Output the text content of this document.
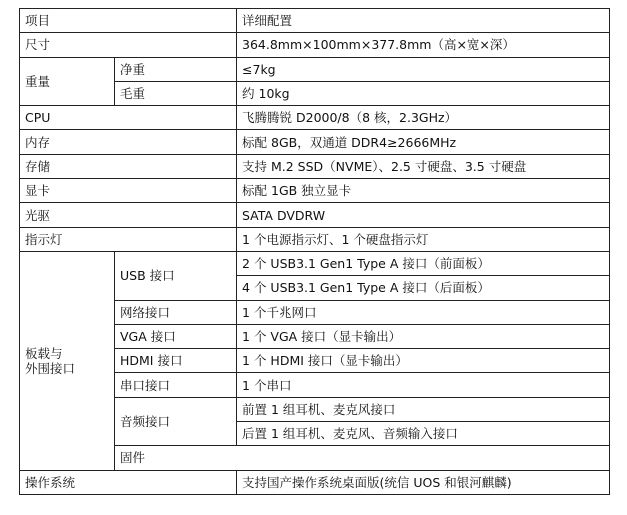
项目		详细配置	
尺寸		364.8mm×100mm×377.8mm（高×宽×深）	
重量	净重	≤7kg	
	毛重	约 10kg	
CPU		飞腾腾锐 D2000/8（8 核，2.3GHz）	
内存		标配 8GB，双通道 DDR4≥2666MHz	
存储		支持 M.2 SSD（NVME）、2.5 寸硬盘、3.5 寸硬盘	
显卡		标配 1GB 独立显卡	
光驱		SATA DVDRW	
指示灯		1 个电源指示灯、1 个硬盘指示灯	
板载与
外围接口	USB 接口	2 个 USB3.1 Gen1 Type A 接口（前面板）	
		4 个 USB3.1 Gen1 Type A 接口（后面板）	
	网络接口	1 个千兆网口	
	VGA 接口	1 个 VGA 接口（显卡输出）	
	HDMI 接口	1 个 HDMI 接口（显卡输出）	
	串口接口	1 个串口	
	音频接口	前置 1 组耳机、麦克风接口	
		后置 1 组耳机、麦克风、音频输入接口	
	固件	
操作系统		支持国产操作系统桌面版(统信 UOS 和银河麒麟)	
